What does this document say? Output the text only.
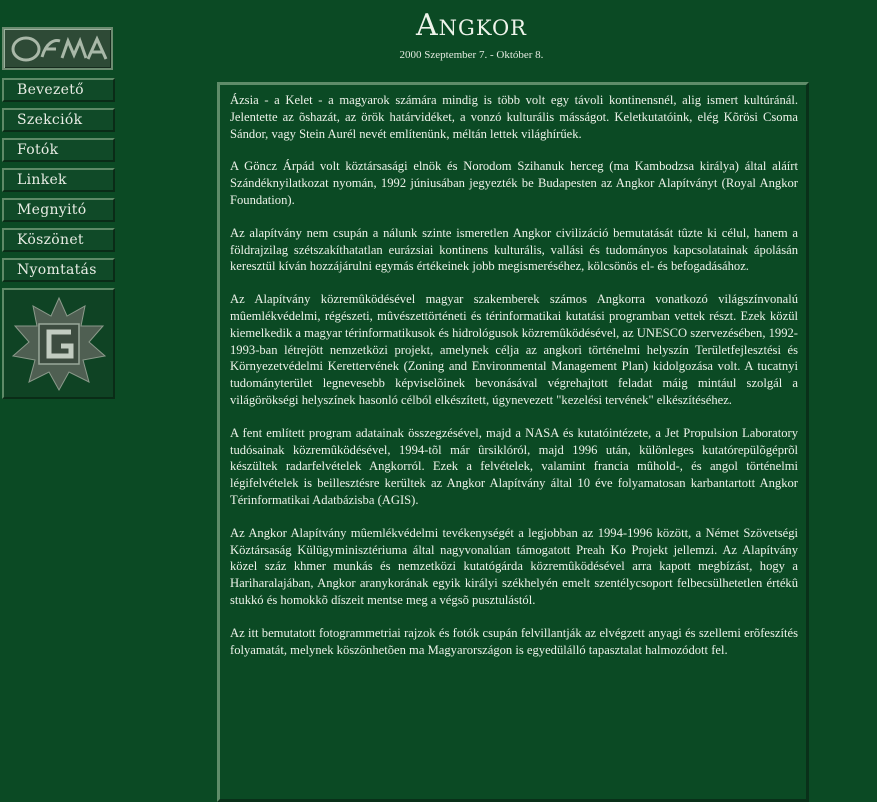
Bevezető
Szekciók
Fotók
Linkek
Megnyitó
Köszönet
Nyomtatás
Angkor
2000 Szeptember 7. - Október 8.

Ázsia - a Kelet - a magyarok számára mindig is több volt egy távoli kontinensnél, alig ismert kultúránál. Jelentette az õshazát, az örök határvidéket, a vonzó kulturális másságot. Keletkutatóink, elég Kõrösi Csoma Sándor, vagy Stein Aurél nevét említenünk, méltán lettek világhírűek.

A Göncz Árpád volt köztársasági elnök és Norodom Szihanuk herceg (ma Kambodzsa királya) által aláírt Szándéknyilatkozat nyomán, 1992 júniusában jegyezték be Budapesten az Angkor Alapítványt (Royal Angkor Foundation).

Az alapítvány nem csupán a nálunk szinte ismeretlen Angkor civilizáció bemutatását tûzte ki célul, hanem a földrajzilag szétszakíthatatlan eurázsiai kontinens kulturális, vallási és tudományos kapcsolatainak ápolásán keresztül kíván hozzájárulni egymás értékeinek jobb megismeréséhez, kölcsönös el- és befogadásához.

Az Alapítvány közremûködésével magyar szakemberek számos Angkorra vonatkozó világszínvonalú mûemlékvédelmi, régészeti, mûvészettörténeti és térinformatikai kutatási programban vettek részt. Ezek közül kiemelkedik a magyar térinformatikusok és hidrológusok közremûködésével, az UNESCO szervezésében, 1992-1993-ban létrejött nemzetközi projekt, amelynek célja az angkori történelmi helyszín Területfejlesztési és Környezetvédelmi Kerettervének (Zoning and Environmental Management Plan) kidolgozása volt. A tucatnyi tudományterület legnevesebb képviselõinek bevonásával végrehajtott feladat máig mintául szolgál a világörökségi helyszínek hasonló célból elkészített, úgynevezett "kezelési tervének" elkészítéséhez.

A fent említett program adatainak összegzésével, majd a NASA és kutatóintézete, a Jet Propulsion Laboratory tudósainak közremûködésével, 1994-tõl már ûrsiklóról, majd 1996 után, különleges kutatórepülõgéprõl készültek radarfelvételek Angkorról. Ezek a felvételek, valamint francia mûhold-, és angol történelmi légifelvételek is beillesztésre kerültek az Angkor Alapítvány által 10 éve folyamatosan karbantartott Angkor Térinformatikai Adatbázisba (AGIS).

Az Angkor Alapítvány mûemlékvédelmi tevékenységét a legjobban az 1994-1996 között, a Német Szövetségi Köztársaság Külügyminisztériuma által nagyvonalúan támogatott Preah Ko Projekt jellemzi. Az Alapítvány közel száz khmer munkás és nemzetközi kutatógárda közremûködésével arra kapott megbízást, hogy a Hariharalajában, Angkor aranykorának egyik királyi székhelyén emelt szentélycsoport felbecsülhetetlen értékû stukkó és homokkõ díszeit mentse meg a végsõ pusztulástól.

Az itt bemutatott fotogrammetriai rajzok és fotók csupán felvillantják az elvégzett anyagi és szellemi erõfeszítés folyamatát, melynek köszönhetõen ma Magyarországon is egyedülálló tapasztalat halmozódott fel.
